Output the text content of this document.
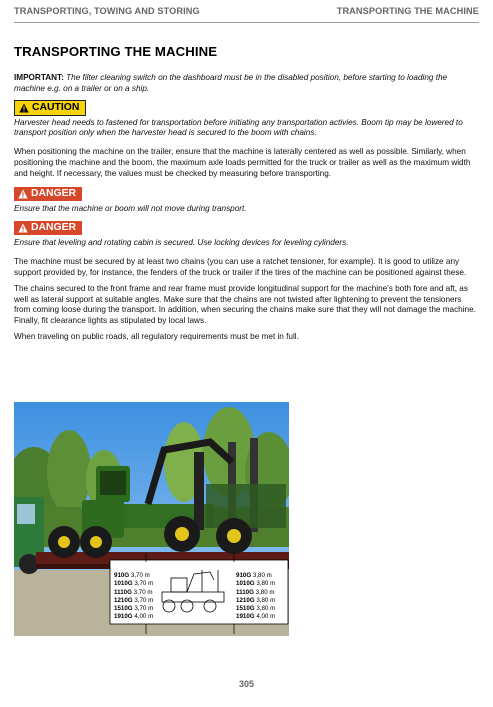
TRANSPORTING, TOWING AND STORING	TRANSPORTING THE MACHINE
TRANSPORTING THE MACHINE

IMPORTANT: The filter cleaning switch on the dashboard must be in the disabled position, before starting to loading the machine e.g. on a trailer or on a ship.

CAUTION

Harvester head needs to fastened for transportation before initiating any transportation activies. Boom tip may be lowered to transport position only when the harvester head is secured to the boom with chains.

When positioning the machine on the trailer, ensure that the machine is laterally centered as well as possible. Similarly, when positioning the machine and the boom, the maximum axle loads permitted for the truck or trailer as well as the maximum width and height. If necessary, the values must be checked by measuring before transporting.

DANGER

Ensure that the machine or boom will not move during transport.

DANGER

Ensure that leveling and rotating cabin is secured. Use locking devices for leveling cylinders.

The machine must be secured by at least two chains (you can use a ratchet tensioner, for example). It is good to utilize any support provided by, for instance, the fenders of the truck or trailer if the tires of the machine can be positioned against these.

The chains secured to the front frame and rear frame must provide longitudinal support for the machine's both fore and aft, as well as lateral support at suitable angles. Make sure that the chains are not twisted after lightening to prevent the tensioners from coming loose during the transport. In addition, when securing the chains make sure that they will not damage the machine. Finally, fit clearance lights as stipulated by local laws.

When traveling on public roads, all regulatory requirements must be met in full.

910G 3,70 m
1010G 3,70 m
1110G 3,70 m
1210G 3,70 m
1510G 3,70 m
1910G 4,00 m
910G 3,80 m
1010G 3,80 m
1110G 3,80 m
1210G 3,80 m
1510G 3,80 m
1910G 4,00 m
305
